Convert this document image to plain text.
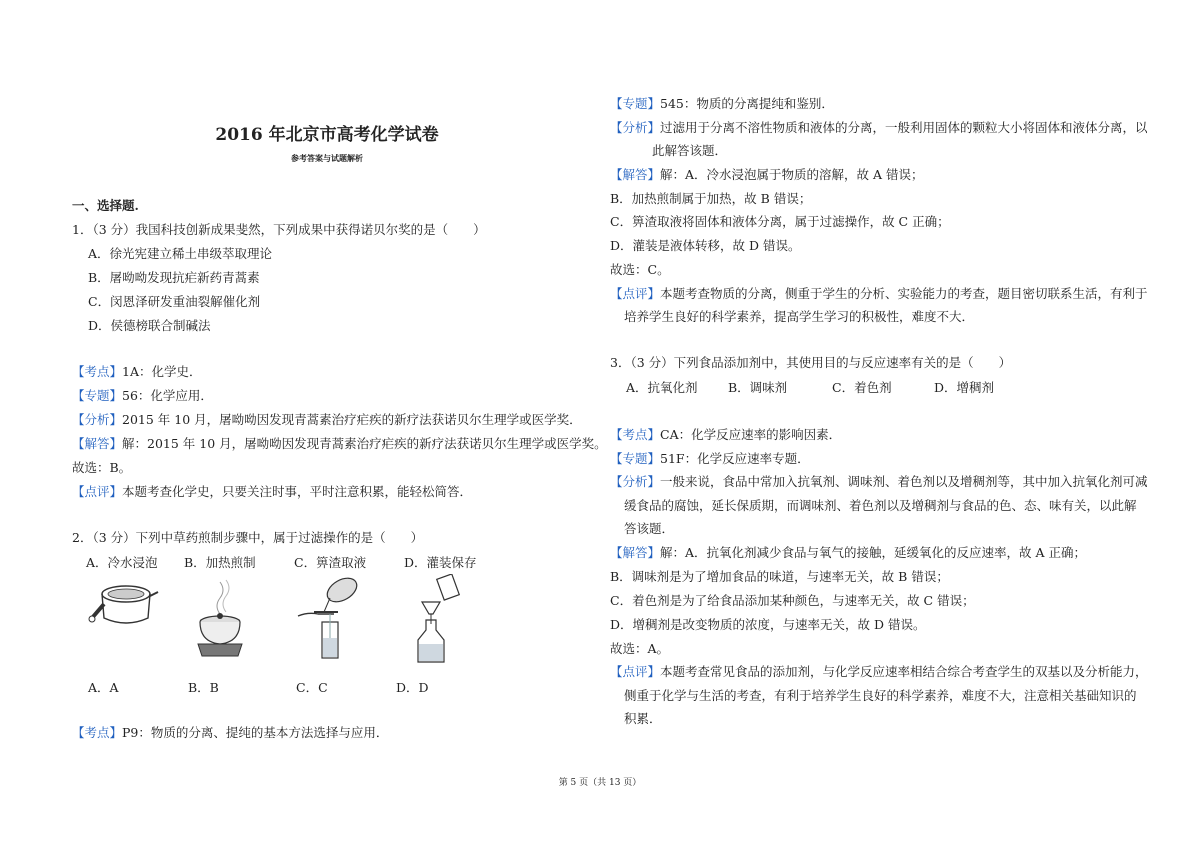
2016 年北京市高考化学试卷
参考答案与试题解析
一、选择题.
1．（3 分）我国科技创新成果斐然，下列成果中获得诺贝尔奖的是（　　）
A．徐光宪建立稀土串级萃取理论
B．屠呦呦发现抗疟新药青蒿素
C．闵恩泽研发重油裂解催化剂
D．侯德榜联合制碱法
【考点】1A：化学史．
【专题】56：化学应用．
【分析】2015 年 10 月，屠呦呦因发现青蒿素治疗疟疾的新疗法获诺贝尔生理学或医学奖．
【解答】解：2015 年 10 月，屠呦呦因发现青蒿素治疗疟疾的新疗法获诺贝尔生理学或医学奖。
故选：B。
【点评】本题考查化学史，只要关注时事，平时注意积累，能轻松简答．
2．（3 分）下列中草药煎制步骤中，属于过滤操作的是（　　）
A．冷水浸泡 B．加热煎制	C．箅渣取液	D．灌装保存
A．A	B．B	C．C	D．D
【考点】P9：物质的分离、提纯的基本方法选择与应用．
【专题】545：物质的分离提纯和鉴别．
【分析】过滤用于分离不溶性物质和液体的分离，一般利用固体的颗粒大小将固体和液体分离，以
此解答该题．
【解答】解：A．冷水浸泡属于物质的溶解，故 A 错误；
B．加热煎制属于加热，故 B 错误；
C．箅渣取液将固体和液体分离，属于过滤操作，故 C 正确；
D．灌装是液体转移，故 D 错误。
故选：C。
【点评】本题考查物质的分离，侧重于学生的分析、实验能力的考查，题目密切联系生活，有利于
培养学生良好的科学素养，提高学生学习的积极性，难度不大．
3．（3 分）下列食品添加剂中，其使用目的与反应速率有关的是（　　）
A．抗氧化剂 B．调味剂	C．着色剂	D．增稠剂
【考点】CA：化学反应速率的影响因素．
【专题】51F：化学反应速率专题．
【分析】一般来说，食品中常加入抗氧剂、调味剂、着色剂以及增稠剂等，其中加入抗氧化剂可减
缓食品的腐蚀，延长保质期，而调味剂、着色剂以及增稠剂与食品的色、态、味有关，以此解
答该题．
【解答】解：A．抗氧化剂减少食品与氧气的接触，延缓氧化的反应速率，故 A 正确；
B．调味剂是为了增加食品的味道，与速率无关，故 B 错误；
C．着色剂是为了给食品添加某种颜色，与速率无关，故 C 错误；
D．增稠剂是改变物质的浓度，与速率无关，故 D 错误。
故选：A。
【点评】本题考查常见食品的添加剂，与化学反应速率相结合综合考查学生的双基以及分析能力，
侧重于化学与生活的考查，有利于培养学生良好的科学素养，难度不大，注意相关基础知识的
积累．
第 5 页（共 13 页）
